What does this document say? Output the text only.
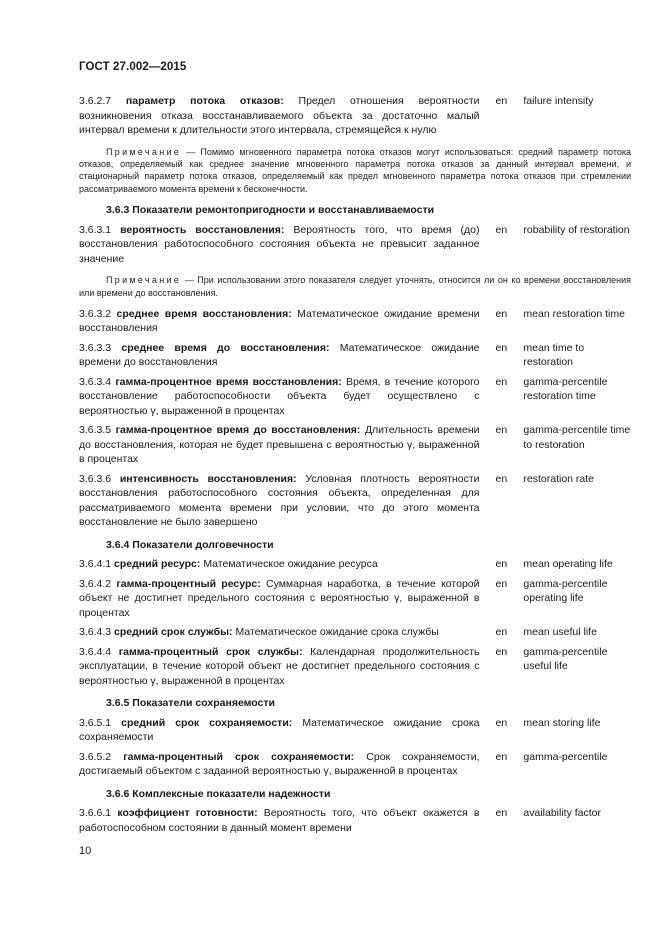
ГОСТ 27.002—2015
3.6.2.7 параметр потока отказов: Предел отношения вероятности возникновения отказа восстанавливаемого объекта за достаточно малый интервал времени к длительности этого интервала, стремящейся к нулю
en	failure intensity
Примечание — Помимо мгновенного параметра потока отказов могут использоваться: средний параметр потока отказов, определяемый как среднее значение мгновенного параметра потока отказов за данный интервал времени, и стационарный параметр потока отказов, определяемый как предел мгновенного параметра потока отказов при стремлении рассматриваемого момента времени к бесконечности.
3.6.3 Показатели ремонтопригодности и восстанавливаемости
3.6.3.1 вероятность восстановления: Вероятность того, что время (до) восстановления работоспособного состояния объекта не превысит заданное значение
en	robability of restoration
Примечание — При использовании этого показателя следует уточнять, относится ли он ко времени восстановления или времени до восстановления.
3.6.3.2 среднее время восстановления: Математическое ожидание времени восстановления
en	mean restoration time
3.6.3.3 среднее время до восстановления: Математическое ожидание времени до восстановления
en	mean time to restoration
3.6.3.4 гамма-процентное время восстановления: Время, в течение которого восстановление работоспособности объекта будет осуществлено с вероятностью γ, выраженной в процентах
en	gamma-percentile restoration time
3.6.3.5 гамма-процентное время до восстановления: Длительность времени до восстановления, которая не будет превышена с вероятностью γ, выраженной в процентах
en	gamma-percentile time to restoration
3.6.3.6 интенсивность восстановления: Условная плотность вероятности восстановления работоспособного состояния объекта, определенная для рассматриваемого момента времени при условии, что до этого момента восстановление не было завершено
en	restoration rate
3.6.4 Показатели долговечности
3.6.4.1 средний ресурс: Математическое ожидание ресурса	en	mean operating life
3.6.4.2 гамма-процентный ресурс: Суммарная наработка, в течение которой объект не достигнет предельного состояния с вероятностью γ, выраженной в процентах
en	gamma-percentile operating life
3.6.4.3 средний срок службы: Математическое ожидание срока службы	en	mean useful life
3.6.4.4 гамма-процентный срок службы: Календарная продолжительность эксплуатации, в течение которой объект не достигнет предельного состояния с вероятностью γ, выраженной в процентах
en	gamma-percentile useful life
3.6.5 Показатели сохраняемости
3.6.5.1 средний срок сохраняемости: Математическое ожидание срока сохраняемости
en	mean storing life
3.6.5.2 гамма-процентный срок сохраняемости: Срок сохраняемости, достигаемый объектом с заданной вероятностью γ, выраженной в процентах
en	gamma-percentile
3.6.6 Комплексные показатели надежности
3.6.6.1 коэффициент готовности: Вероятность того, что объект окажется в работоспособном состоянии в данный момент времени
en	availability factor
10
